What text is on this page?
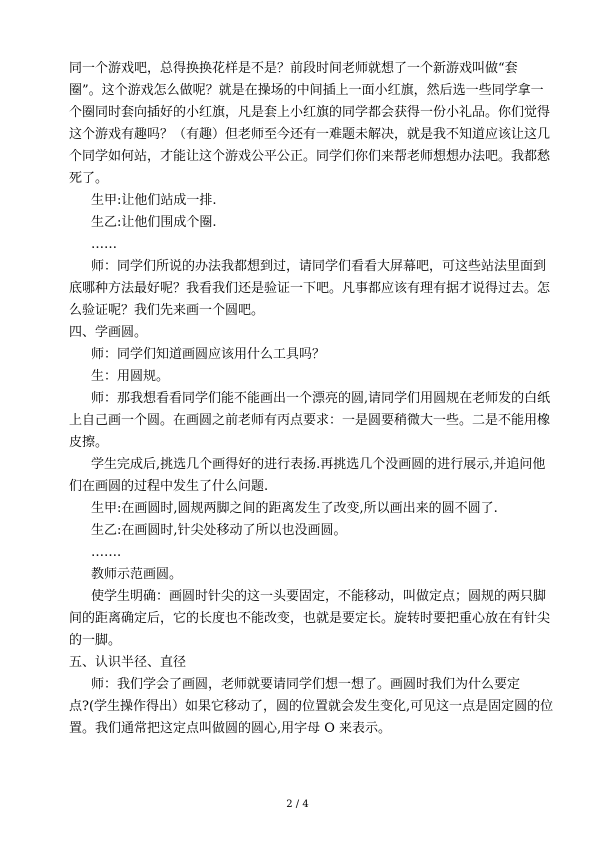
同一个游戏吧，总得换换花样是不是？前段时间老师就想了一个新游戏叫做“套
圈”。这个游戏怎么做呢？就是在操场的中间插上一面小红旗，然后选一些同学拿一
个圈同时套向插好的小红旗，凡是套上小红旗的同学都会获得一份小礼品。你们觉得
这个游戏有趣吗？（有趣）但老师至今还有一难题未解决，就是我不知道应该让这几
个同学如何站，才能让这个游戏公平公正。同学们你们来帮老师想想办法吧。我都愁
死了。
生甲:让他们站成一排.
生乙:让他们围成个圈.
……
师：同学们所说的办法我都想到过，请同学们看看大屏幕吧，可这些站法里面到
底哪种方法最好呢？我看我们还是验证一下吧。凡事都应该有理有据才说得过去。怎
么验证呢？我们先来画一个圆吧。
四、学画圆。
师：同学们知道画圆应该用什么工具吗？
生：用圆规。
师：那我想看看同学们能不能画出一个漂亮的圆,请同学们用圆规在老师发的白纸
上自己画一个圆。在画圆之前老师有丙点要求：一是圆要稍微大一些。二是不能用橡
皮擦。
学生完成后,挑选几个画得好的进行表扬.再挑选几个没画圆的进行展示,并追问他
们在画圆的过程中发生了什么问题.
生甲:在画圆时,圆规两脚之间的距离发生了改变,所以画出来的圆不圆了.
生乙:在画圆时,针尖处移动了所以也没画圆。
…….
教师示范画圆。
使学生明确：画圆时针尖的这一头要固定，不能移动，叫做定点；圆规的两只脚
间的距离确定后，它的长度也不能改变，也就是要定长。旋转时要把重心放在有针尖
的一脚。
五、认识半径、直径
师：我们学会了画圆，老师就要请同学们想一想了。画圆时我们为什么要定
点?(学生操作得出）如果它移动了，圆的位置就会发生变化,可见这一点是固定圆的位
置。我们通常把这定点叫做圆的圆心,用字母 O 来表示。
2 / 4
